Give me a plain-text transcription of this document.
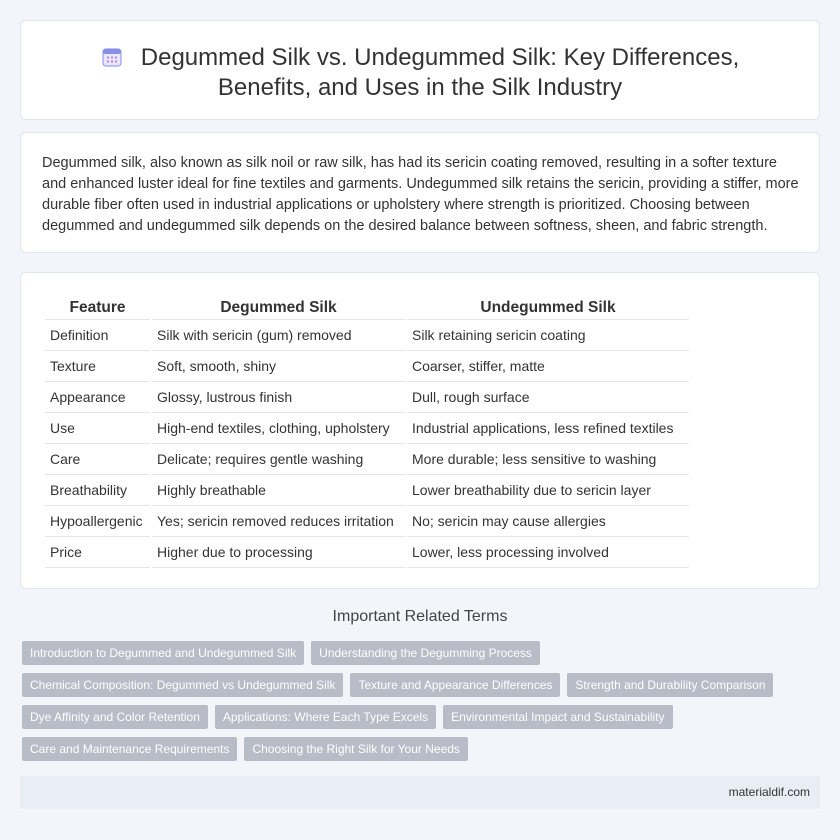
Degummed Silk vs. Undegummed Silk: Key Differences, Benefits, and Uses in the Silk Industry

Degummed silk, also known as silk noil or raw silk, has had its sericin coating removed, resulting in a softer texture and enhanced luster ideal for fine textiles and garments. Undegummed silk retains the sericin, providing a stiffer, more durable fiber often used in industrial applications or upholstery where strength is prioritized. Choosing between degummed and undegummed silk depends on the desired balance between softness, sheen, and fabric strength.

Feature	Degummed Silk	Undegummed Silk
Definition	Silk with sericin (gum) removed	Silk retaining sericin coating
Texture	Soft, smooth, shiny	Coarser, stiffer, matte
Appearance	Glossy, lustrous finish	Dull, rough surface
Use	High-end textiles, clothing, upholstery	Industrial applications, less refined textiles
Care	Delicate; requires gentle washing	More durable; less sensitive to washing
Breathability	Highly breathable	Lower breathability due to sericin layer
Hypoallergenic	Yes; sericin removed reduces irritation	No; sericin may cause allergies
Price	Higher due to processing	Lower, less processing involved
Important Related Terms
Introduction to Degummed and Undegummed Silk	Understanding the Degumming Process
Chemical Composition: Degummed vs Undegummed Silk	Texture and Appearance Differences	Strength and Durability Comparison
Dye Affinity and Color Retention	Applications: Where Each Type Excels	Environmental Impact and Sustainability
Care and Maintenance Requirements	Choosing the Right Silk for Your Needs
materialdif.com
